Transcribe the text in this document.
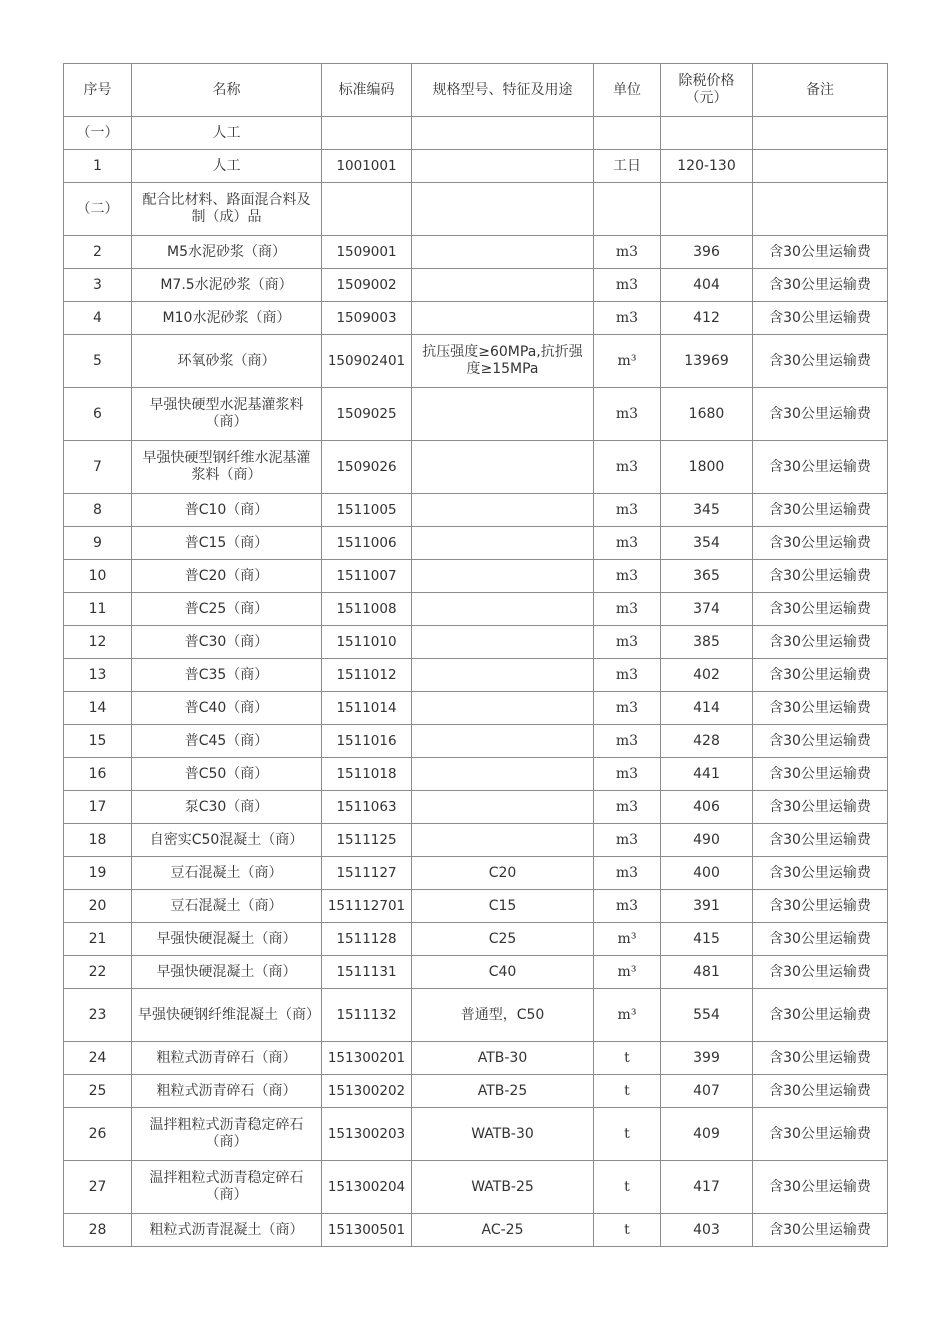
序号	名称	标准编码	规格型号、特征及用途	单位	除税价格（元）	备注
（一）	人工					
1	人工	1001001		工日	120-130	
（二）	配合比材料、路面混合料及制（成）品					
2	M5水泥砂浆（商）	1509001		m3	396	含30公里运输费
3	M7.5水泥砂浆（商）	1509002		m3	404	含30公里运输费
4	M10水泥砂浆（商）	1509003		m3	412	含30公里运输费
5	环氧砂浆（商）	150902401	抗压强度≥60MPa,抗折强度≥15MPa	m³	13969	含30公里运输费
6	早强快硬型水泥基灌浆料（商）	1509025		m3	1680	含30公里运输费
7	早强快硬型钢纤维水泥基灌浆料（商）	1509026		m3	1800	含30公里运输费
8	普C10（商）	1511005		m3	345	含30公里运输费
9	普C15（商）	1511006		m3	354	含30公里运输费
10	普C20（商）	1511007		m3	365	含30公里运输费
11	普C25（商）	1511008		m3	374	含30公里运输费
12	普C30（商）	1511010		m3	385	含30公里运输费
13	普C35（商）	1511012		m3	402	含30公里运输费
14	普C40（商）	1511014		m3	414	含30公里运输费
15	普C45（商）	1511016		m3	428	含30公里运输费
16	普C50（商）	1511018		m3	441	含30公里运输费
17	泵C30（商）	1511063		m3	406	含30公里运输费
18	自密实C50混凝土（商）	1511125		m3	490	含30公里运输费
19	豆石混凝土（商）	1511127	C20	m3	400	含30公里运输费
20	豆石混凝土（商）	151112701	C15	m3	391	含30公里运输费
21	早强快硬混凝土（商）	1511128	C25	m³	415	含30公里运输费
22	早强快硬混凝土（商）	1511131	C40	m³	481	含30公里运输费
23	早强快硬钢纤维混凝土（商）	1511132	普通型，C50	m³	554	含30公里运输费
24	粗粒式沥青碎石（商）	151300201	ATB-30	t	399	含30公里运输费
25	粗粒式沥青碎石（商）	151300202	ATB-25	t	407	含30公里运输费
26	温拌粗粒式沥青稳定碎石（商）	151300203	WATB-30	t	409	含30公里运输费
27	温拌粗粒式沥青稳定碎石（商）	151300204	WATB-25	t	417	含30公里运输费
28	粗粒式沥青混凝土（商）	151300501	AC-25	t	403	含30公里运输费
